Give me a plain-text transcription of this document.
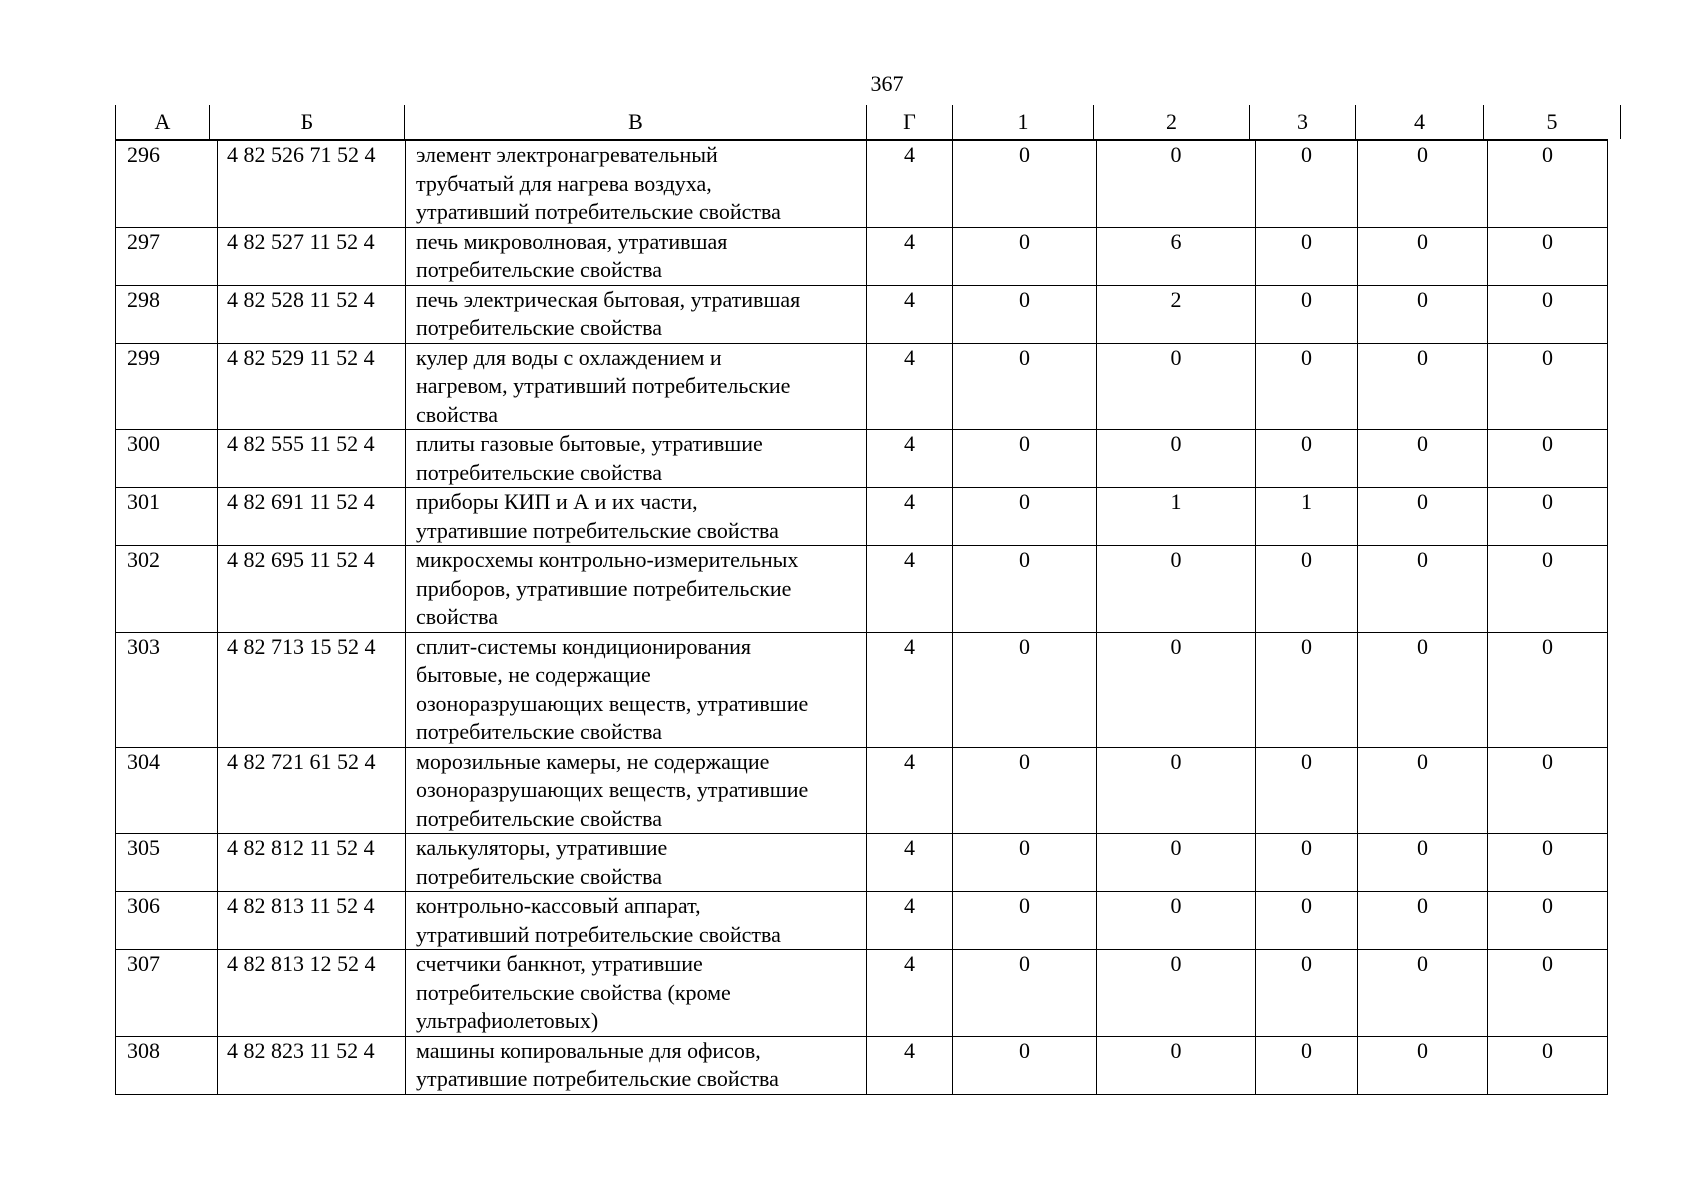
367
А	Б	В	Г	1	2	3	4	5
296	4 82 526 71 52 4	элемент электронагревательный
трубчатый для нагрева воздуха,
утративший потребительские свойства	4	0	0	0	0	0
297	4 82 527 11 52 4	печь микроволновая, утратившая
потребительские свойства	4	0	6	0	0	0
298	4 82 528 11 52 4	печь электрическая бытовая, утратившая
потребительские свойства	4	0	2	0	0	0
299	4 82 529 11 52 4	кулер для воды с охлаждением и
нагревом, утративший потребительские
свойства	4	0	0	0	0	0
300	4 82 555 11 52 4	плиты газовые бытовые, утратившие
потребительские свойства	4	0	0	0	0	0
301	4 82 691 11 52 4	приборы КИП и А и их части,
утратившие потребительские свойства	4	0	1	1	0	0
302	4 82 695 11 52 4	микросхемы контрольно-измерительных
приборов, утратившие потребительские
свойства	4	0	0	0	0	0
303	4 82 713 15 52 4	сплит-системы кондиционирования
бытовые, не содержащие
озоноразрушающих веществ, утратившие
потребительские свойства	4	0	0	0	0	0
304	4 82 721 61 52 4	морозильные камеры, не содержащие
озоноразрушающих веществ, утратившие
потребительские свойства	4	0	0	0	0	0
305	4 82 812 11 52 4	калькуляторы, утратившие
потребительские свойства	4	0	0	0	0	0
306	4 82 813 11 52 4	контрольно-кассовый аппарат,
утративший потребительские свойства	4	0	0	0	0	0
307	4 82 813 12 52 4	счетчики банкнот, утратившие
потребительские свойства (кроме
ультрафиолетовых)	4	0	0	0	0	0
308	4 82 823 11 52 4	машины копировальные для офисов,
утратившие потребительские свойства	4	0	0	0	0	0
